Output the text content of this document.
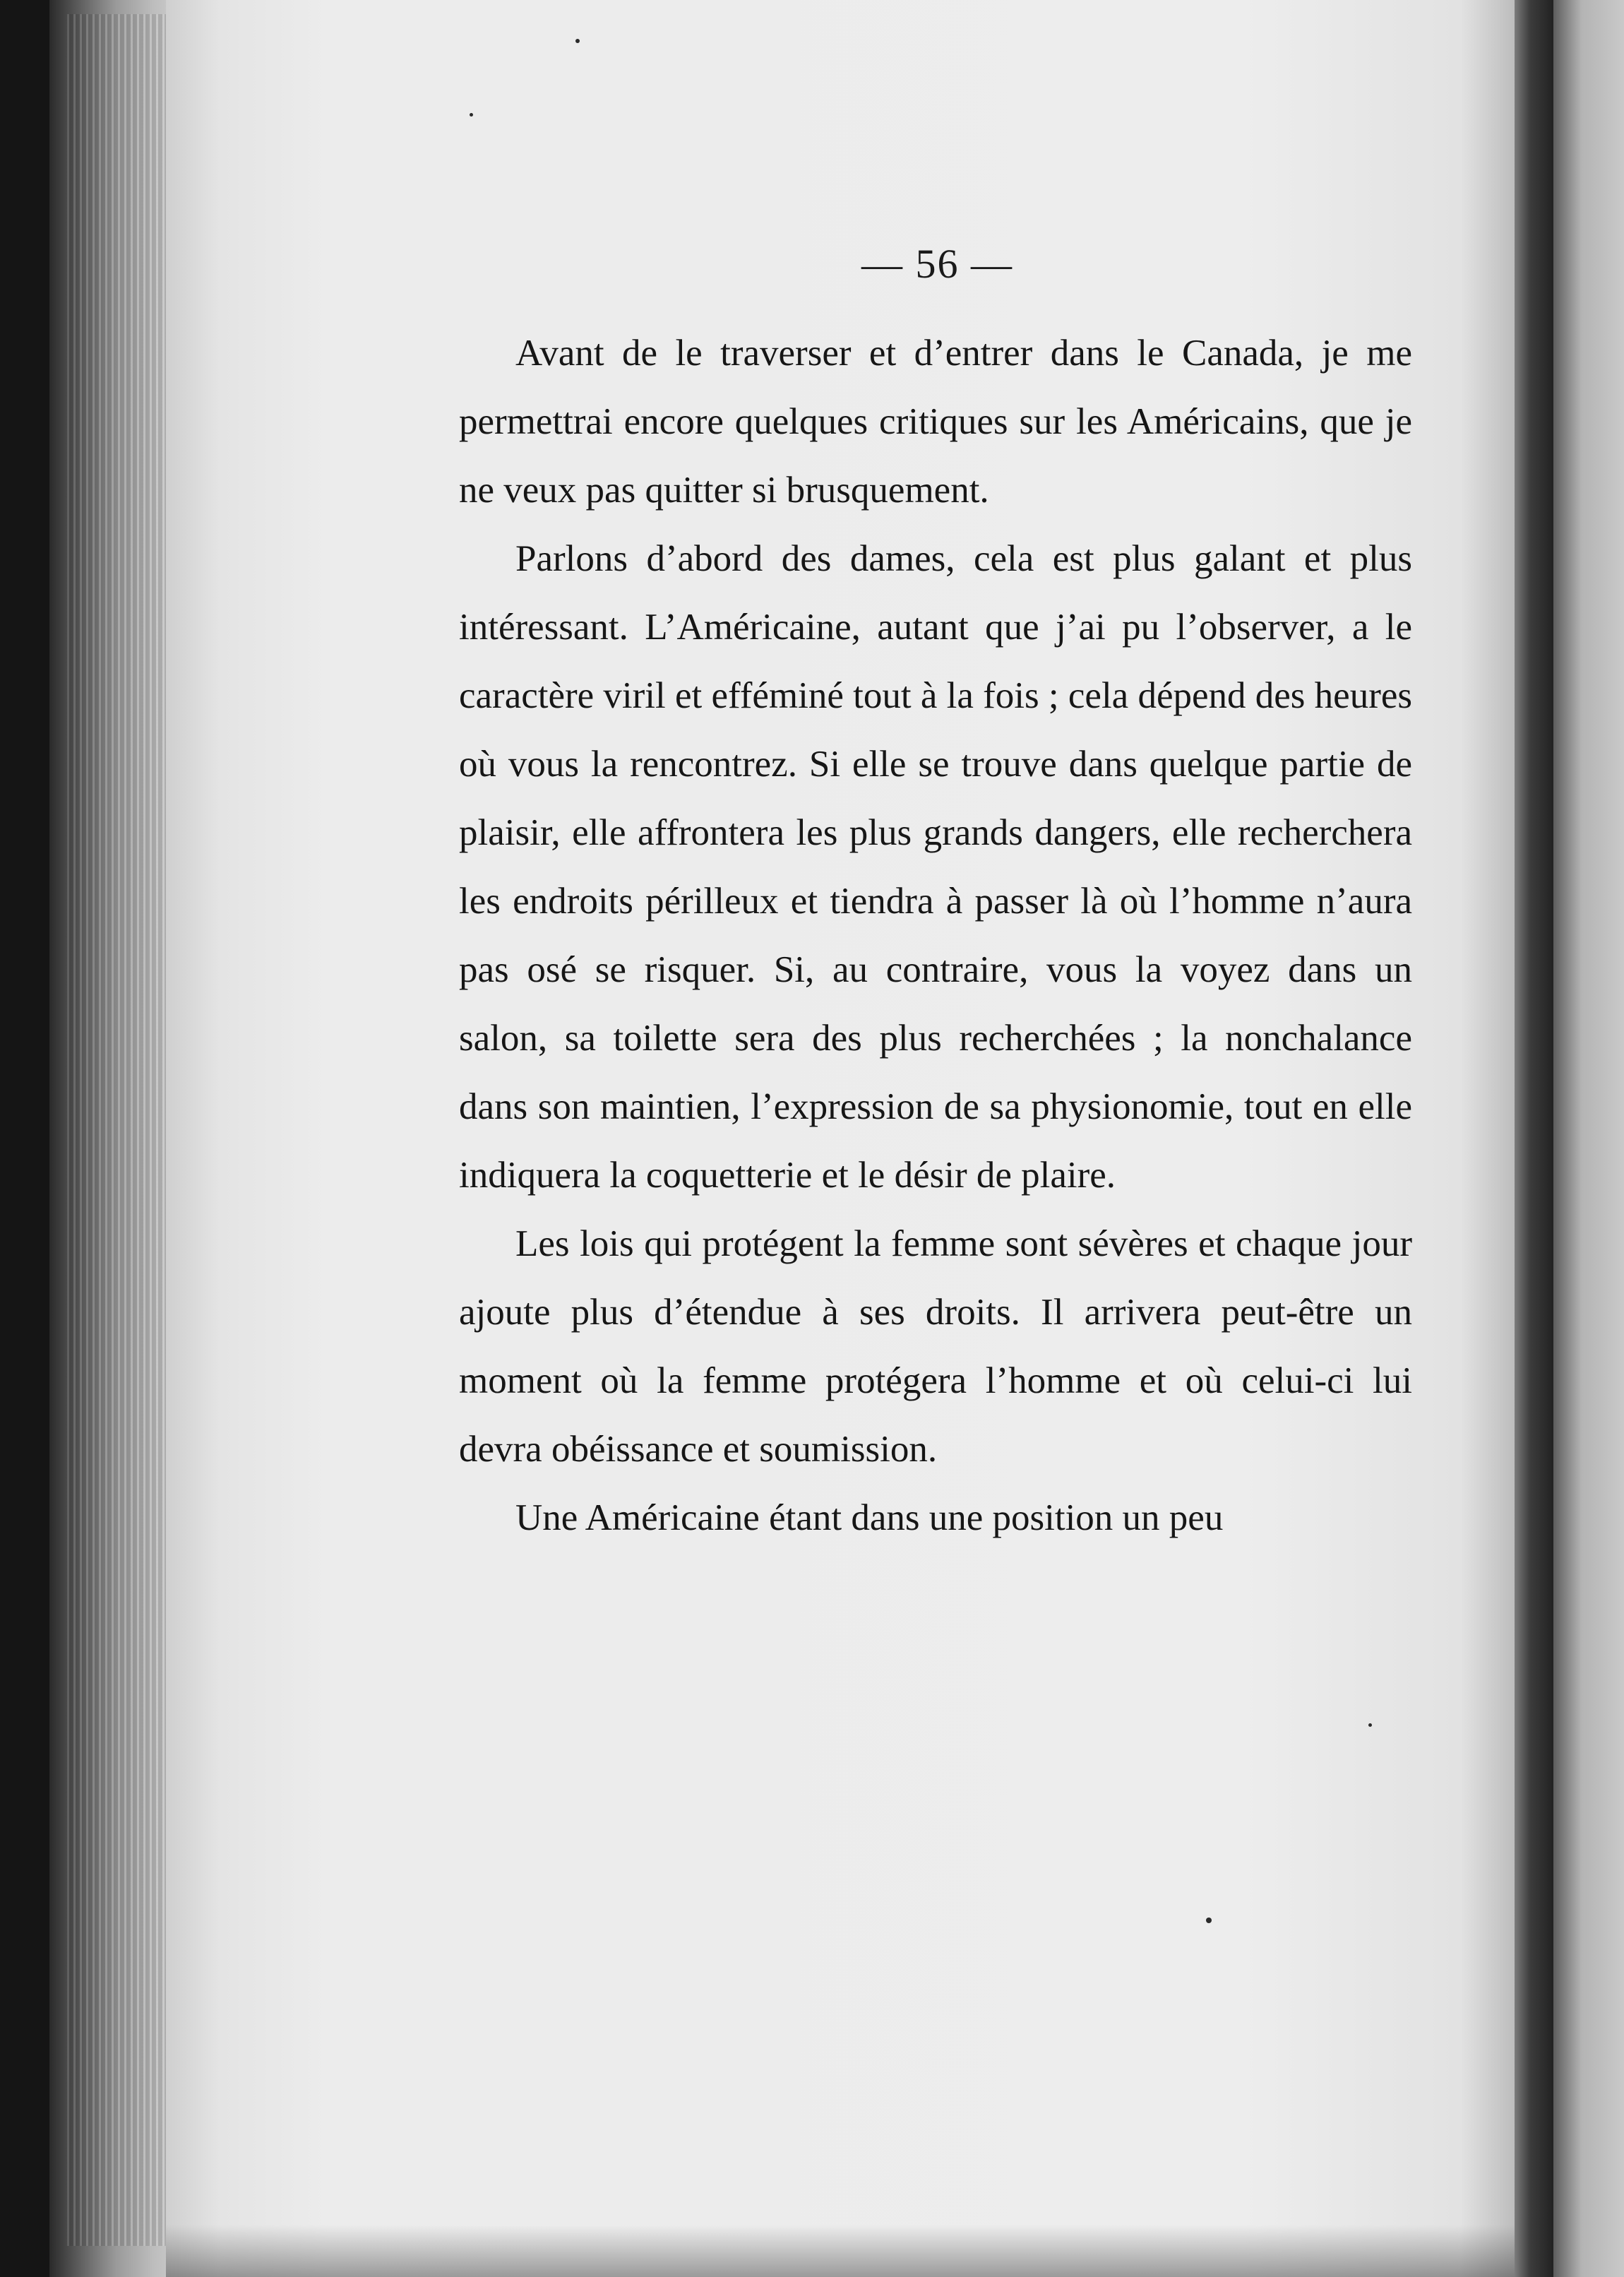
— 56 —

Avant de le traverser et d’entrer dans le Canada, je me permettrai encore quelques critiques sur les Américains, que je ne veux pas quitter si brusquement.

Parlons d’abord des dames, cela est plus galant et plus intéressant. L’Américaine, autant que j’ai pu l’observer, a le caractère viril et efféminé tout à la fois ; cela dépend des heures où vous la rencontrez. Si elle se trouve dans quelque partie de plaisir, elle affrontera les plus grands dangers, elle recherchera les endroits périlleux et tiendra à passer là où l’homme n’aura pas osé se risquer. Si, au contraire, vous la voyez dans un salon, sa toilette sera des plus recherchées ; la nonchalance dans son maintien, l’expression de sa physionomie, tout en elle indiquera la coquetterie et le désir de plaire.

Les lois qui protégent la femme sont sévères et chaque jour ajoute plus d’étendue à ses droits. Il arrivera peut-être un moment où la femme protégera l’homme et où celui-ci lui devra obéissance et soumission.

Une Américaine étant dans une position un peu
